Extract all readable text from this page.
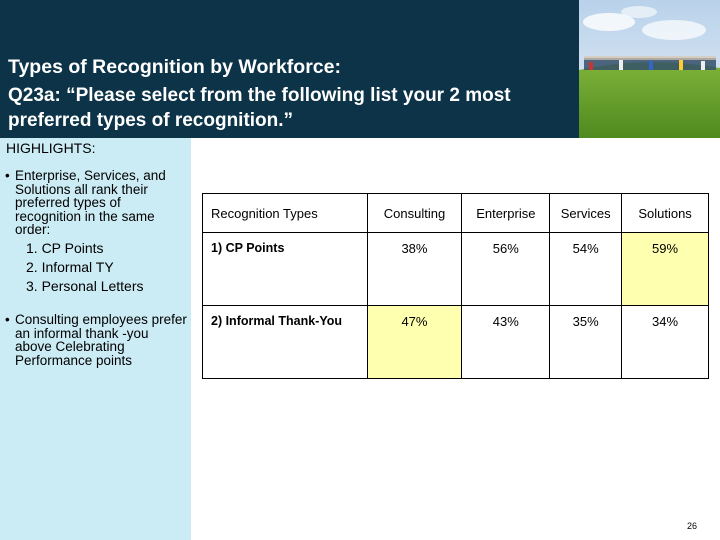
Types of Recognition by Workforce:
Q23a: “Please select from the following list your 2 most preferred types of recognition.”
HIGHLIGHTS:
• Enterprise, Services, and Solutions all rank their preferred types of recognition in the same order:
1. CP Points
2. Informal TY
3. Personal Letters
• Consulting employees prefer an informal thank -you above Celebrating Performance points
Recognition Types	Consulting	Enterprise	Services	Solutions
1) CP Points	38%	56%	54%	59%
2) Informal Thank-You	47%	43%	35%	34%
26
